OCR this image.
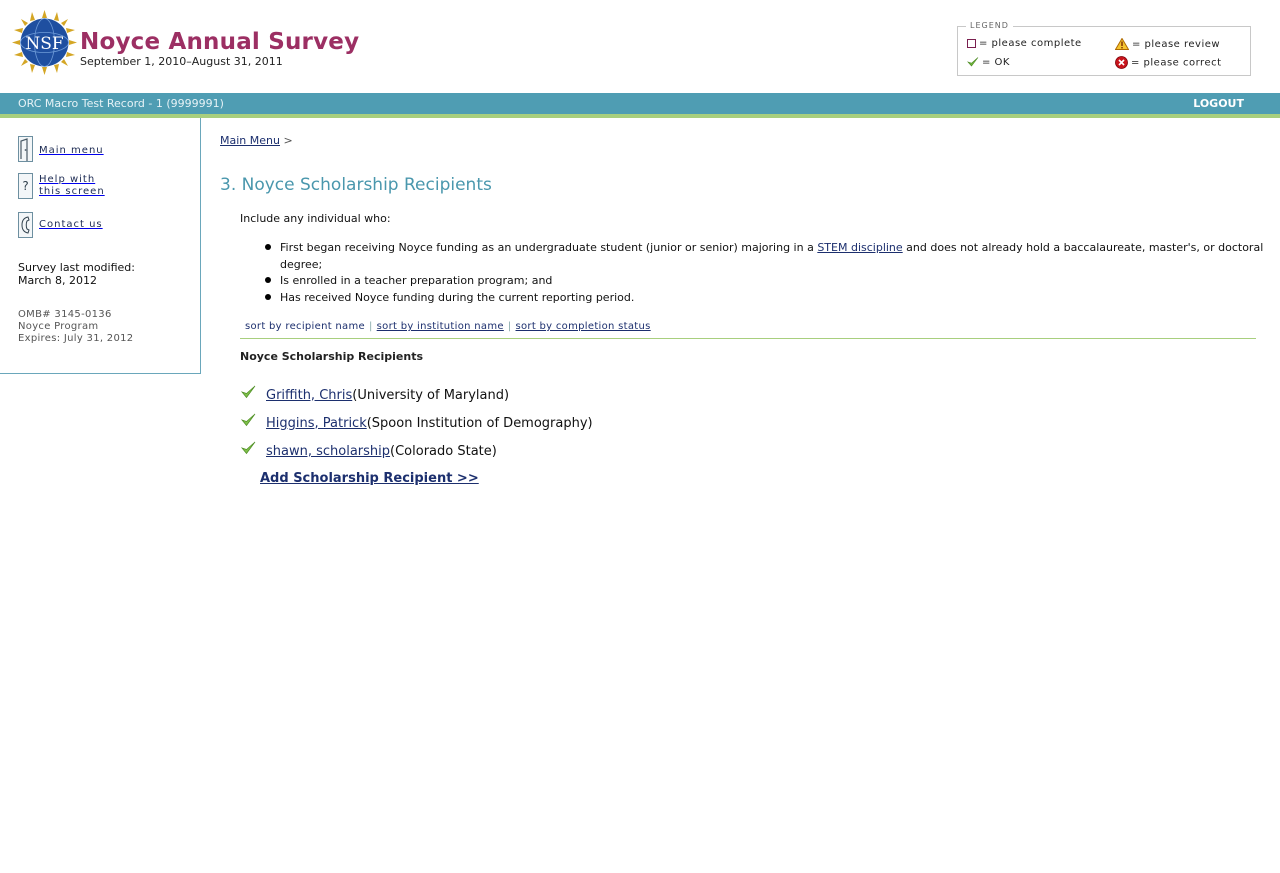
NSF Noyce Annual Survey
September 1, 2010–August 31, 2011
LEGEND
= please complete	= please review
= OK	= please correct
ORC Macro Test Record - 1 (9999991)	LOGOUT
Main menu
? Help with
this screen
Contact us
Survey last modified:
March 8, 2012
OMB# 3145-0136
Noyce Program
Expires: July 31, 2012
Main Menu >
3. Noyce Scholarship Recipients
Include any individual who:
First began receiving Noyce funding as an undergraduate student (junior or senior) majoring in a STEM discipline and does not already hold a baccalaureate, master's, or doctoral degree;
Is enrolled in a teacher preparation program; and
Has received Noyce funding during the current reporting period.
sort by recipient name | sort by institution name | sort by completion status
Noyce Scholarship Recipients
Griffith, Chris (University of Maryland)
Higgins, Patrick (Spoon Institution of Demography)
shawn, scholarship (Colorado State)
Add Scholarship Recipient >>
